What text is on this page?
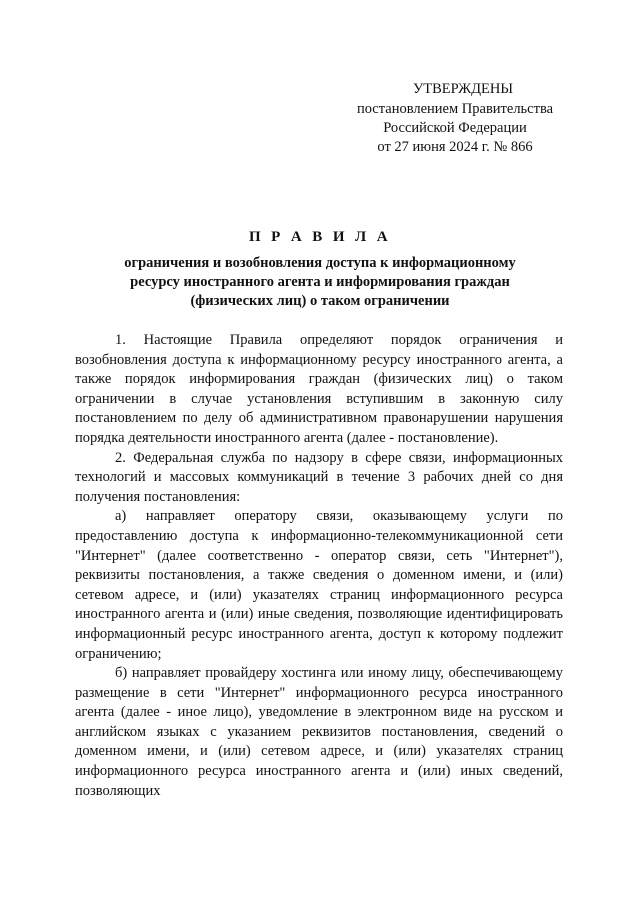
УТВЕРЖДЕНЫ
постановлением Правительства
Российской Федерации
от 27 июня 2024 г. № 866
П Р А В И Л А
ограничения и возобновления доступа к информационному ресурсу иностранного агента и информирования граждан (физических лиц) о таком ограничении

1. Настоящие Правила определяют порядок ограничения и возобновления доступа к информационному ресурсу иностранного агента, а также порядок информирования граждан (физических лиц) о таком ограничении в случае установления вступившим в законную силу постановлением по делу об административном правонарушении нарушения порядка деятельности иностранного агента (далее - постановление).

2. Федеральная служба по надзору в сфере связи, информационных технологий и массовых коммуникаций в течение 3 рабочих дней со дня получения постановления:

а) направляет оператору связи, оказывающему услуги по предоставлению доступа к информационно-телекоммуникационной сети "Интернет" (далее соответственно - оператор связи, сеть "Интернет"), реквизиты постановления, а также сведения о доменном имени, и (или) сетевом адресе, и (или) указателях страниц информационного ресурса иностранного агента и (или) иные сведения, позволяющие идентифицировать информационный ресурс иностранного агента, доступ к которому подлежит ограничению;

б) направляет провайдеру хостинга или иному лицу, обеспечивающему размещение в сети "Интернет" информационного ресурса иностранного агента (далее - иное лицо), уведомление в электронном виде на русском и английском языках с указанием реквизитов постановления, сведений о доменном имени, и (или) сетевом адресе, и (или) указателях страниц информационного ресурса иностранного агента и (или) иных сведений, позволяющих
